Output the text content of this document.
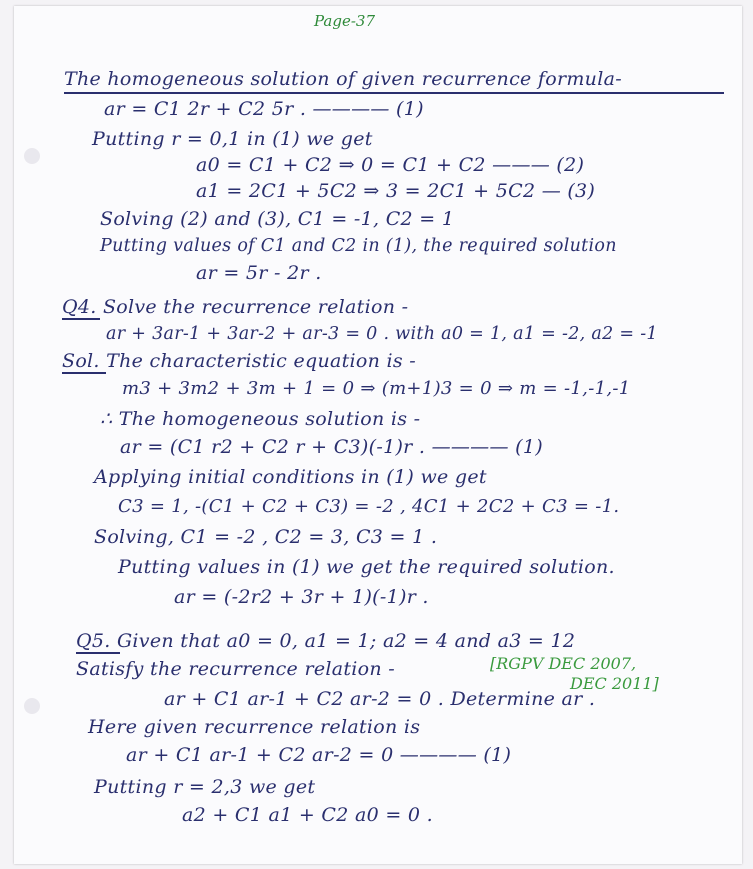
Page-37
The homogeneous solution of given recurrence formula-
ar = C1 2r + C2 5r . ———— (1)
Putting r = 0,1 in (1) we get
a0 = C1 + C2 ⇒ 0 = C1 + C2 ——— (2)
a1 = 2C1 + 5C2 ⇒ 3 = 2C1 + 5C2 — (3)
Solving (2) and (3), C1 = -1, C2 = 1
Putting values of C1 and C2 in (1), the required solution
ar = 5r - 2r .
Q4. Solve the recurrence relation -
ar + 3ar-1 + 3ar-2 + ar-3 = 0 . with a0 = 1, a1 = -2, a2 = -1
Sol. The characteristic equation is -
m3 + 3m2 + 3m + 1 = 0 ⇒ (m+1)3 = 0 ⇒ m = -1,-1,-1
∴ The homogeneous solution is -
ar = (C1 r2 + C2 r + C3)(-1)r . ———— (1)
Applying initial conditions in (1) we get
C3 = 1, -(C1 + C2 + C3) = -2 , 4C1 + 2C2 + C3 = -1.
Solving, C1 = -2 , C2 = 3, C3 = 1 .
Putting values in (1) we get the required solution.
ar = (-2r2 + 3r + 1)(-1)r .
Q5. Given that a0 = 0, a1 = 1; a2 = 4 and a3 = 12
Satisfy the recurrence relation -	[RGPV DEC 2007,
DEC 2011]
ar + C1 ar-1 + C2 ar-2 = 0 . Determine ar .
Here given recurrence relation is
ar + C1 ar-1 + C2 ar-2 = 0 ———— (1)
Putting r = 2,3 we get
a2 + C1 a1 + C2 a0 = 0 .
